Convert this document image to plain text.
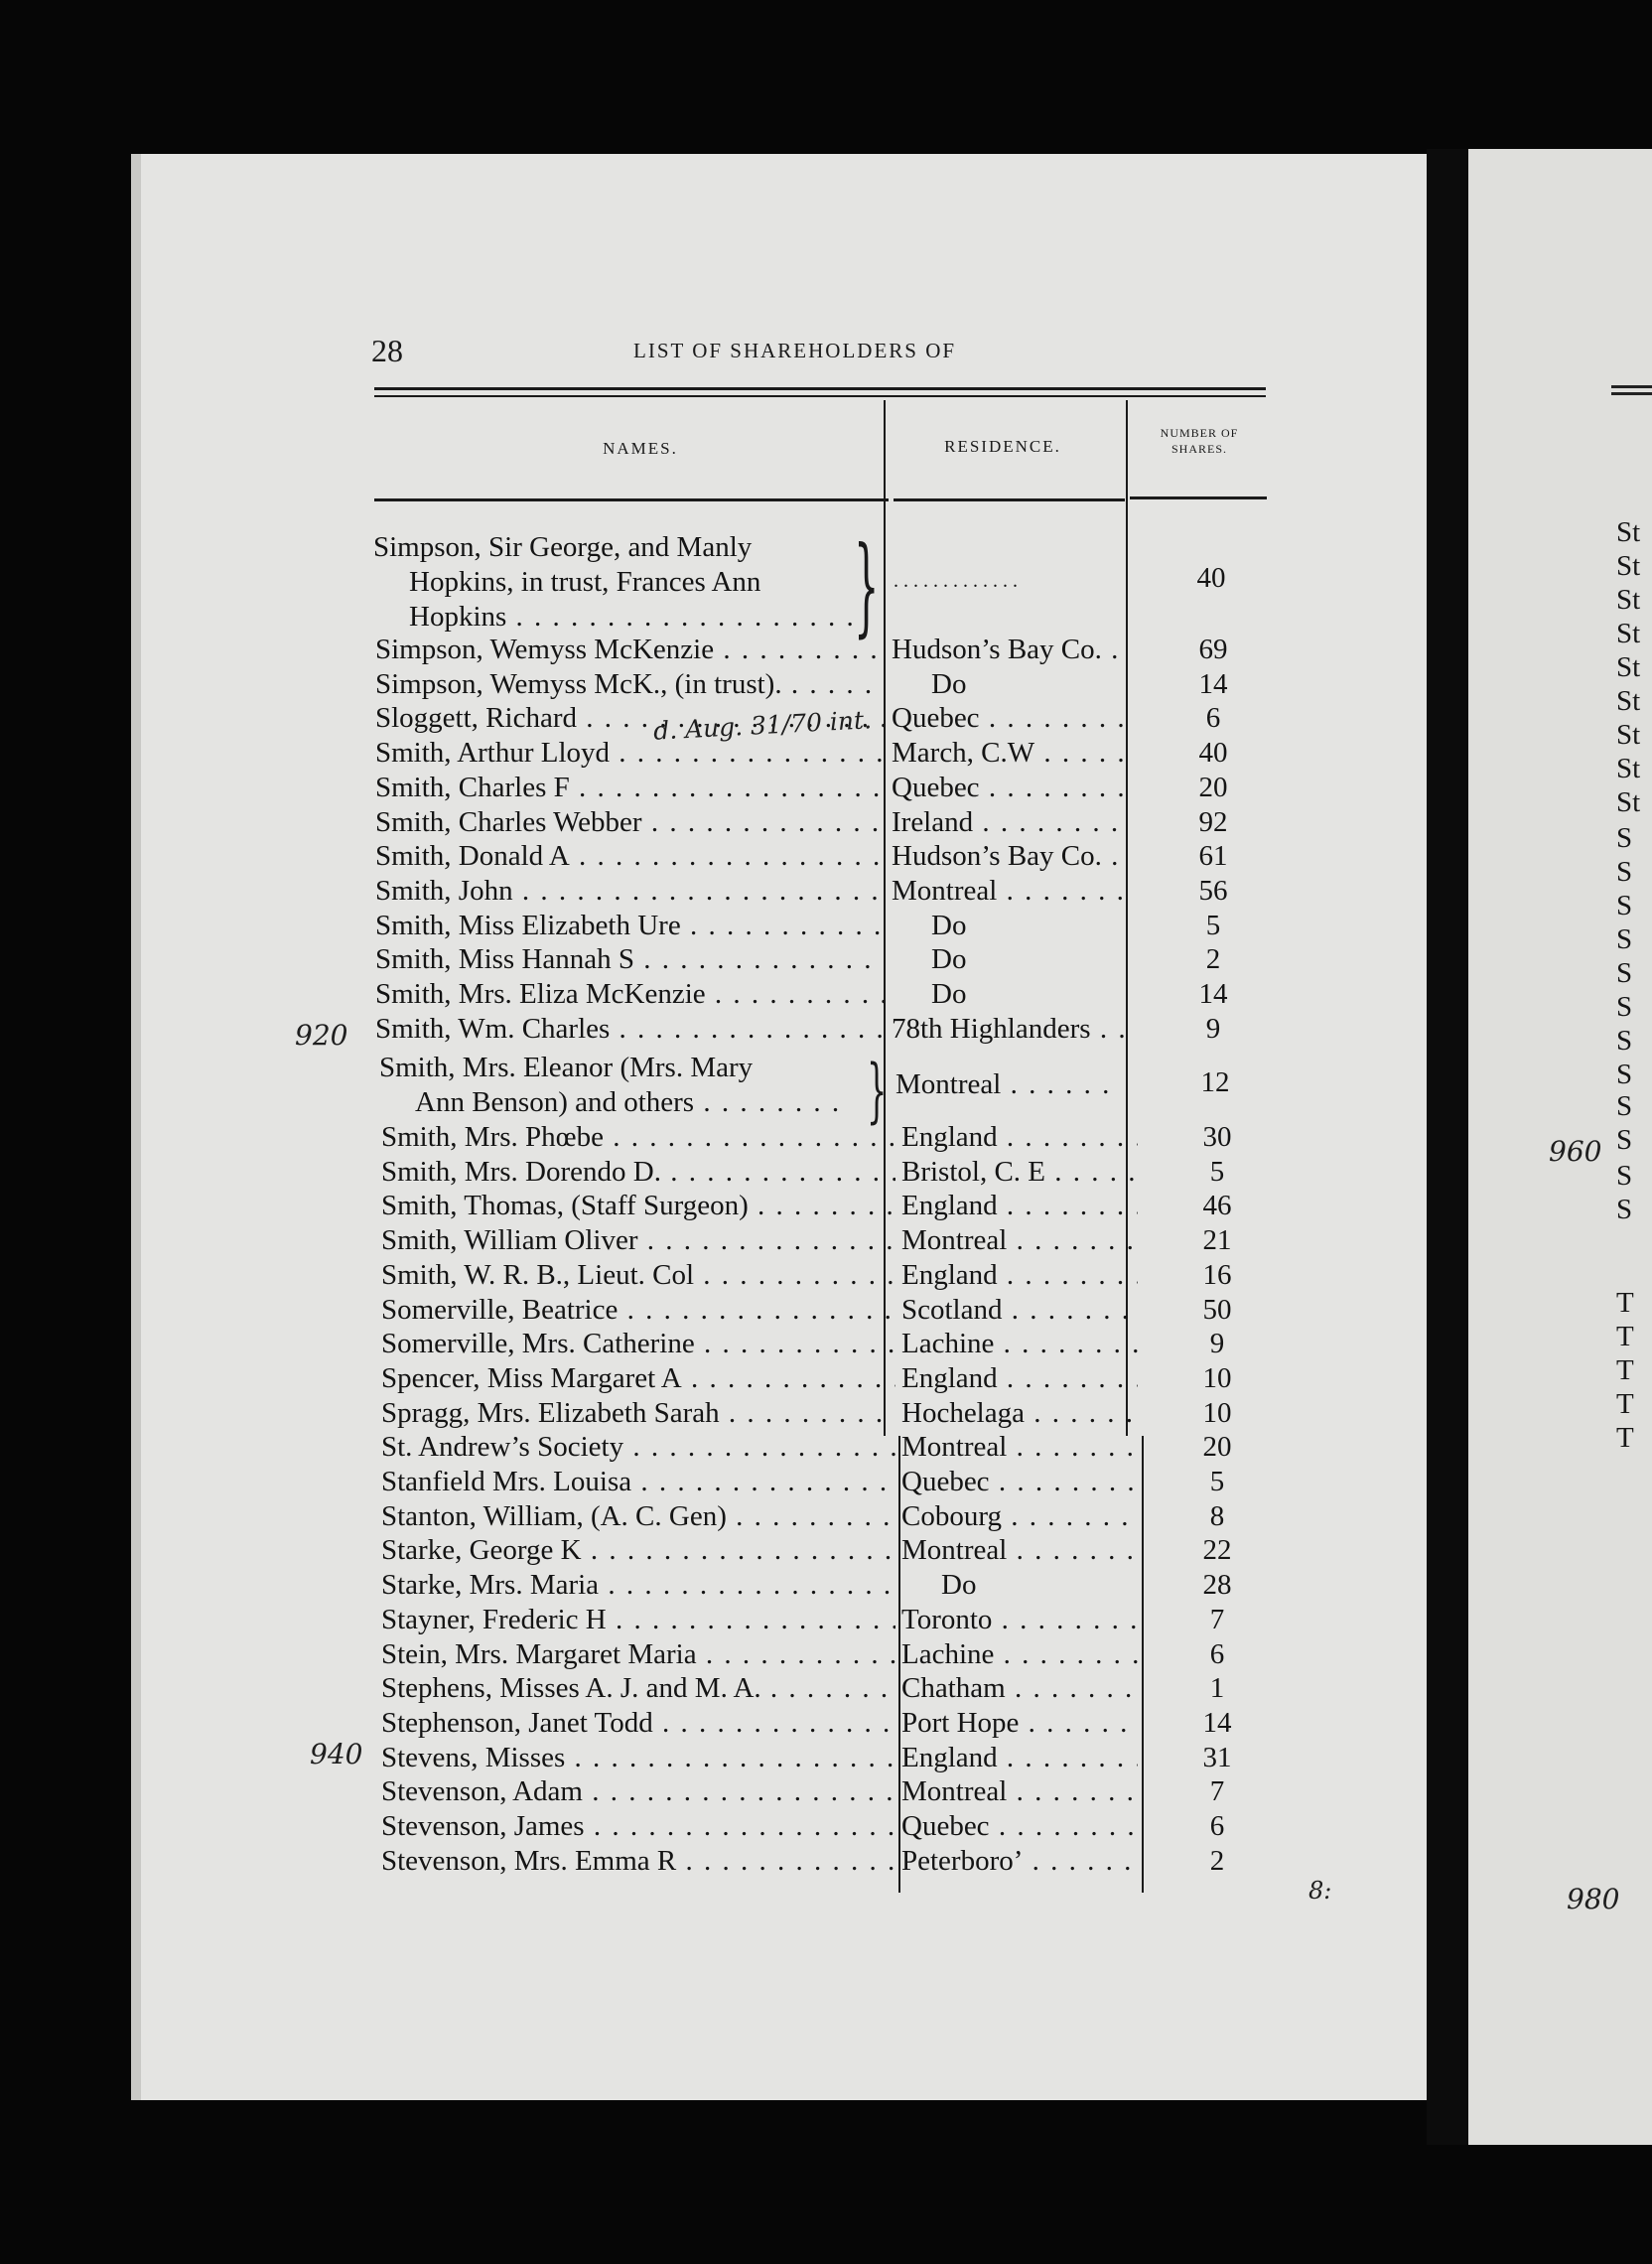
St
St
St
St
St
St
St
St
St
S
S
S
S
S
S
S
S
S
S
S
S
T
T
T
T
T
28	LIST OF SHAREHOLDERS OF
NAMES.	RESIDENCE.
NUMBER OF
SHARES.
Simpson, Sir George, and Manly
Hopkins, in trust, Frances Ann
Hopkins . . .	} . . . . . . . . . . . . .	40
Simpson, Wemyss McKenzie . . .	Hudson’s Bay Co. . . .	69
Simpson, Wemyss McK., (in trust). . . .	Do	14
Sloggett, Richard . . .	Quebec . . .	6
Smith, Arthur Lloyd . . .	March, C.W . . .	40
Smith, Charles F . . .	Quebec . . .	20
Smith, Charles Webber . . .	Ireland . . .	92
Smith, Donald A . . .	Hudson’s Bay Co. . . .	61
Smith, John . . .	Montreal . . .	56
Smith, Miss Elizabeth Ure . . .	Do	5
Smith, Miss Hannah S . . .	Do	2
Smith, Mrs. Eliza McKenzie . . .	Do	14
Smith, Wm. Charles . . .	78th Highlanders . . .	9
Smith, Mrs. Eleanor (Mrs. Mary
Ann Benson) and others . . .	} Montreal . . .	12
Smith, Mrs. Phœbe . . .	England . . .	30
Smith, Mrs. Dorendo D. . . .	Bristol, C. E . . .	5
Smith, Thomas, (Staff Surgeon) . . .	England . . .	46
Smith, William Oliver . . .	Montreal . . .	21
Smith, W. R. B., Lieut. Col . . .	England . . .	16
Somerville, Beatrice . . .	Scotland . . .	50
Somerville, Mrs. Catherine . . .	Lachine . . .	9
Spencer, Miss Margaret A . . .	England . . .	10
Spragg, Mrs. Elizabeth Sarah . . .	Hochelaga . . .	10
St. Andrew’s Society . . .	Montreal . . .	20
Stanfield Mrs. Louisa . . .	Quebec . . .	5
Stanton, William, (A. C. Gen) . . .	Cobourg . . .	8
Starke, George K . . .	Montreal . . .	22
Starke, Mrs. Maria . . .	Do	28
Stayner, Frederic H . . .	Toronto . . .	7
Stein, Mrs. Margaret Maria . . .	Lachine . . .	6
Stephens, Misses A. J. and M. A. . . .	Chatham . . .	1
Stephenson, Janet Todd . . .	Port Hope . . .	14
Stevens, Misses . . .	England . . .	31
Stevenson, Adam . . .	Montreal . . .	7
Stevenson, James . . .	Quebec . . .	6
Stevenson, Mrs. Emma R . . .	Peterboro’ . . .	2
d. Aug. 31/70 int.
920
940
960
980
8:
